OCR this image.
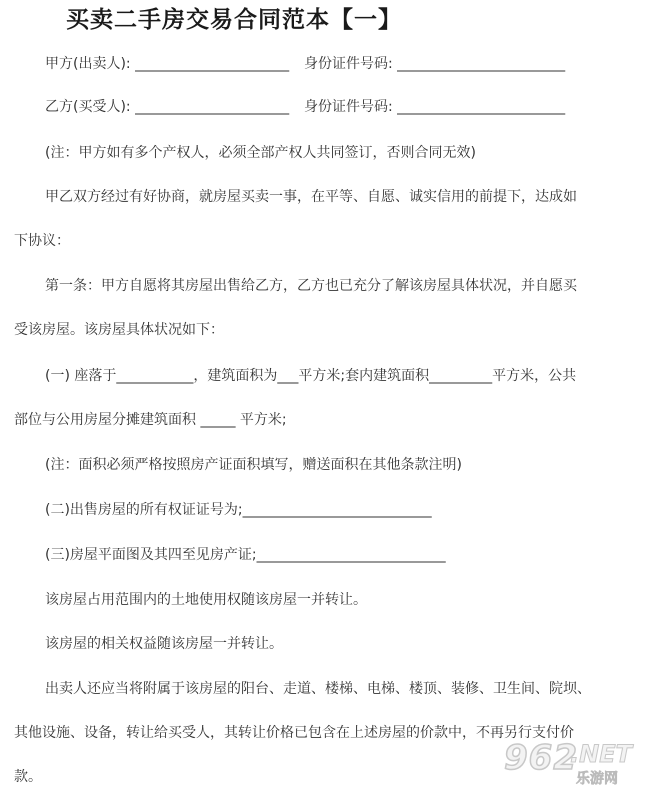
买卖二手房交易合同范本【一】
甲方(出卖人): ______________________ 身份证件号码: ________________________
乙方(买受人): ______________________ 身份证件号码: ________________________
(注：甲方如有多个产权人，必须全部产权人共同签订，否则合同无效)
甲乙双方经过有好协商，就房屋买卖一事，在平等、自愿、诚实信用的前提下，达成如
下协议：
第一条：甲方自愿将其房屋出售给乙方，乙方也已充分了解该房屋具体状况，并自愿买
受该房屋。该房屋具体状况如下：
(一) 座落于___________，建筑面积为___平方米;套内建筑面积_________平方米，公共
部位与公用房屋分摊建筑面积 _____ 平方米;
(注：面积必须严格按照房产证面积填写，赠送面积在其他条款注明)
(二)出售房屋的所有权证证号为;___________________________
(三)房屋平面图及其四至见房产证;___________________________
该房屋占用范围内的土地使用权随该房屋一并转让。
该房屋的相关权益随该房屋一并转让。
出卖人还应当将附属于该房屋的阳台、走道、楼梯、电梯、楼顶、装修、卫生间、院坝、
其他设施、设备，转让给买受人，其转让价格已包含在上述房屋的价款中，不再另行支付价
款。	962
.NET
乐游网
